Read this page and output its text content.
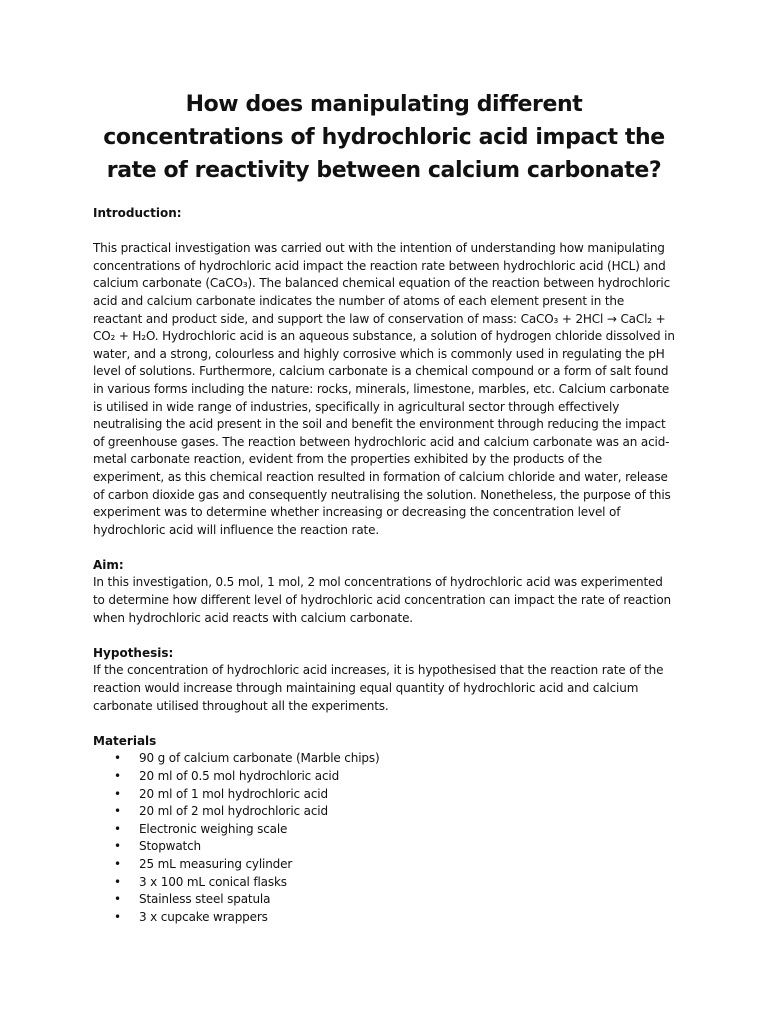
How does manipulating different concentrations of hydrochloric acid impact the rate of reactivity between calcium carbonate?

Introduction:

This practical investigation was carried out with the intention of understanding how manipulating concentrations of hydrochloric acid impact the reaction rate between hydrochloric acid (HCL) and calcium carbonate (CaCO₃). The balanced chemical equation of the reaction between hydrochloric acid and calcium carbonate indicates the number of atoms of each element present in the reactant and product side, and support the law of conservation of mass: CaCO₃ + 2HCl → CaCl₂ + CO₂ + H₂O. Hydrochloric acid is an aqueous substance, a solution of hydrogen chloride dissolved in water, and a strong, colourless and highly corrosive which is commonly used in regulating the pH level of solutions. Furthermore, calcium carbonate is a chemical compound or a form of salt found in various forms including the nature: rocks, minerals, limestone, marbles, etc. Calcium carbonate is utilised in wide range of industries, specifically in agricultural sector through effectively neutralising the acid present in the soil and benefit the environment through reducing the impact of greenhouse gases. The reaction between hydrochloric acid and calcium carbonate was an acid-metal carbonate reaction, evident from the properties exhibited by the products of the experiment, as this chemical reaction resulted in formation of calcium chloride and water, release of carbon dioxide gas and consequently neutralising the solution. Nonetheless, the purpose of this experiment was to determine whether increasing or decreasing the concentration level of hydrochloric acid will influence the reaction rate.

Aim:

In this investigation, 0.5 mol, 1 mol, 2 mol concentrations of hydrochloric acid was experimented to determine how different level of hydrochloric acid concentration can impact the rate of reaction when hydrochloric acid reacts with calcium carbonate.

Hypothesis:

If the concentration of hydrochloric acid increases, it is hypothesised that the reaction rate of the reaction would increase through maintaining equal quantity of hydrochloric acid and calcium carbonate utilised throughout all the experiments.

Materials

• 90 g of calcium carbonate (Marble chips)
• 20 ml of 0.5 mol hydrochloric acid
• 20 ml of 1 mol hydrochloric acid
• 20 ml of 2 mol hydrochloric acid
• Electronic weighing scale
• Stopwatch
• 25 mL measuring cylinder
• 3 x 100 mL conical flasks
• Stainless steel spatula
• 3 x cupcake wrappers
